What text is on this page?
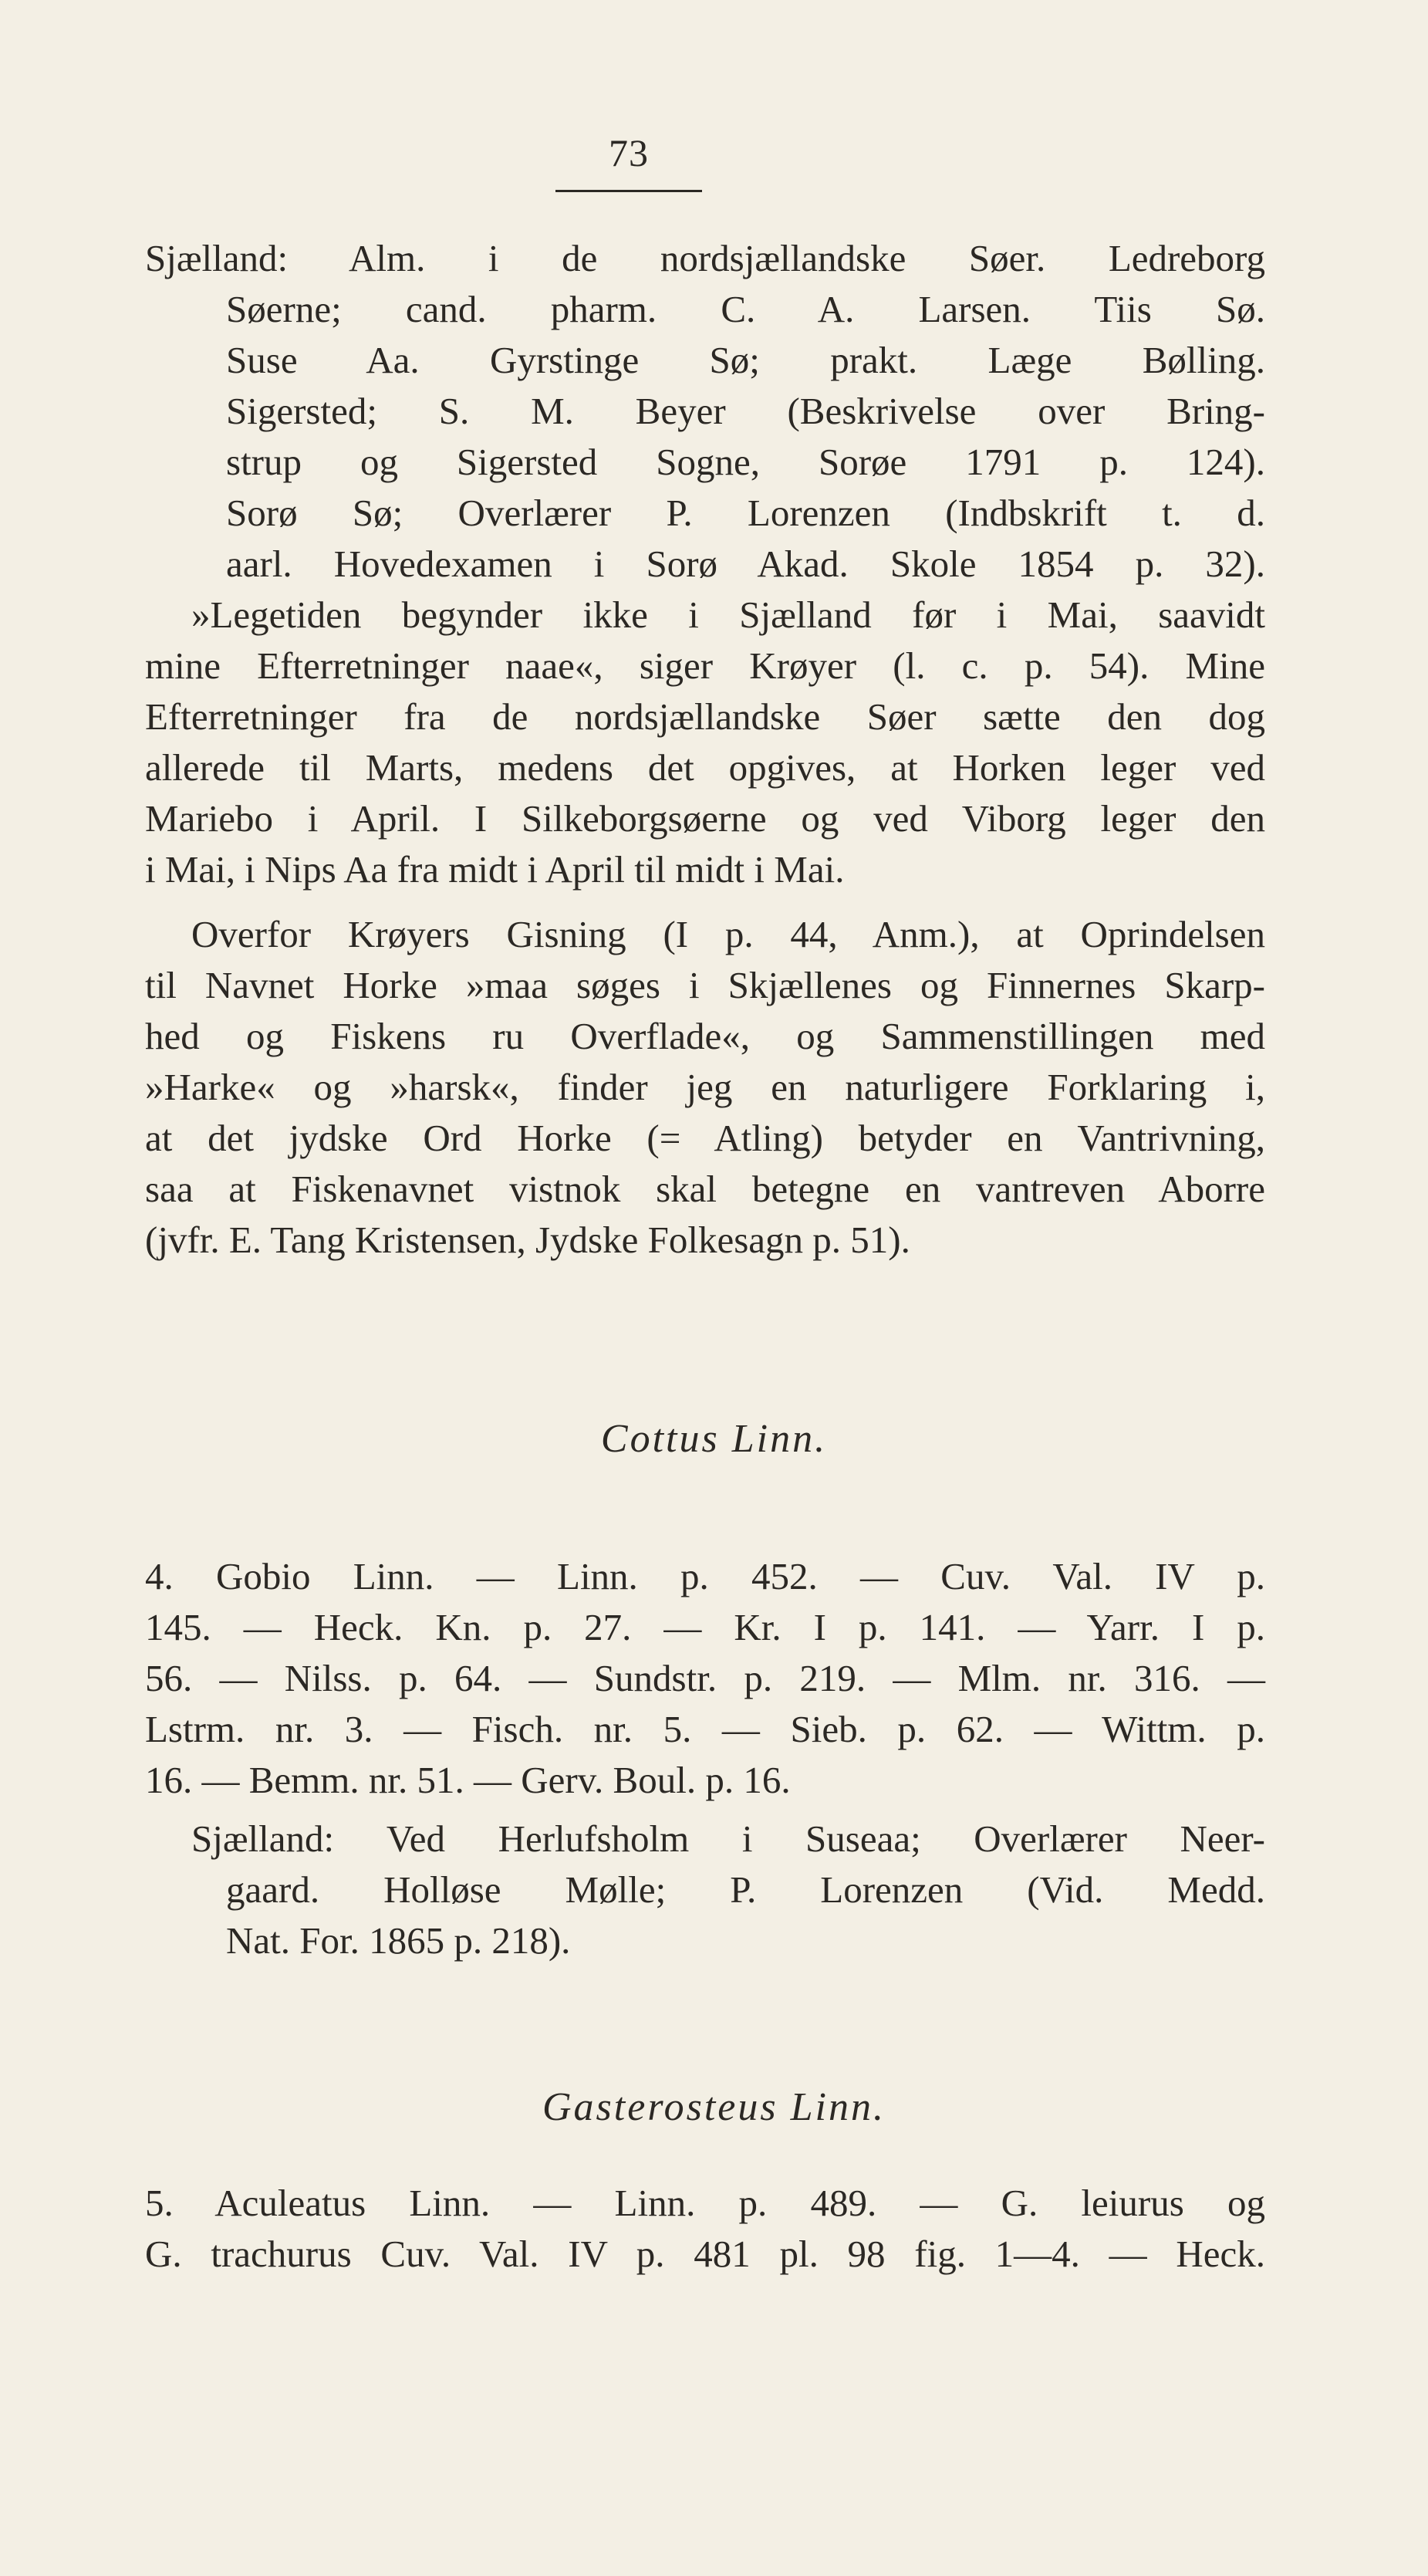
73
Sjælland: Alm. i de nordsjællandske Søer. Ledreborg
Søerne; cand. pharm. C. A. Larsen. Tiis Sø.
Suse Aa. Gyrstinge Sø; prakt. Læge Bølling.
Sigersted; S. M. Beyer (Beskrivelse over Bring-
strup og Sigersted Sogne, Sorøe 1791 p. 124).
Sorø Sø; Overlærer P. Lorenzen (Indbskrift t. d.
aarl. Hovedexamen i Sorø Akad. Skole 1854 p. 32).
»Legetiden begynder ikke i Sjælland før i Mai, saavidt
mine Efterretninger naae«, siger Krøyer (l. c. p. 54). Mine
Efterretninger fra de nordsjællandske Søer sætte den dog
allerede til Marts, medens det opgives, at Horken leger ved
Mariebo i April. I Silkeborgsøerne og ved Viborg leger den
i Mai, i Nips Aa fra midt i April til midt i Mai.
Overfor Krøyers Gisning (I p. 44, Anm.), at Oprindelsen
til Navnet Horke »maa søges i Skjællenes og Finnernes Skarp-
hed og Fiskens ru Overflade«, og Sammenstillingen med
»Harke« og »harsk«, finder jeg en naturligere Forklaring i,
at det jydske Ord Horke (= Atling) betyder en Vantrivning,
saa at Fiskenavnet vistnok skal betegne en vantreven Aborre
(jvfr. E. Tang Kristensen, Jydske Folkesagn p. 51).
Cottus Linn.
4. Gobio Linn. — Linn. p. 452. — Cuv. Val. IV p.
145. — Heck. Kn. p. 27. — Kr. I p. 141. — Yarr. I p.
56. — Nilss. p. 64. — Sundstr. p. 219. — Mlm. nr. 316. —
Lstrm. nr. 3. — Fisch. nr. 5. — Sieb. p. 62. — Wittm. p.
16. — Bemm. nr. 51. — Gerv. Boul. p. 16.
Sjælland: Ved Herlufsholm i Suseaa; Overlærer Neer-
gaard. Holløse Mølle; P. Lorenzen (Vid. Medd.
Nat. For. 1865 p. 218).
Gasterosteus Linn.
5. Aculeatus Linn. — Linn. p. 489. — G. leiurus og
G. trachurus Cuv. Val. IV p. 481 pl. 98 fig. 1—4. — Heck.
